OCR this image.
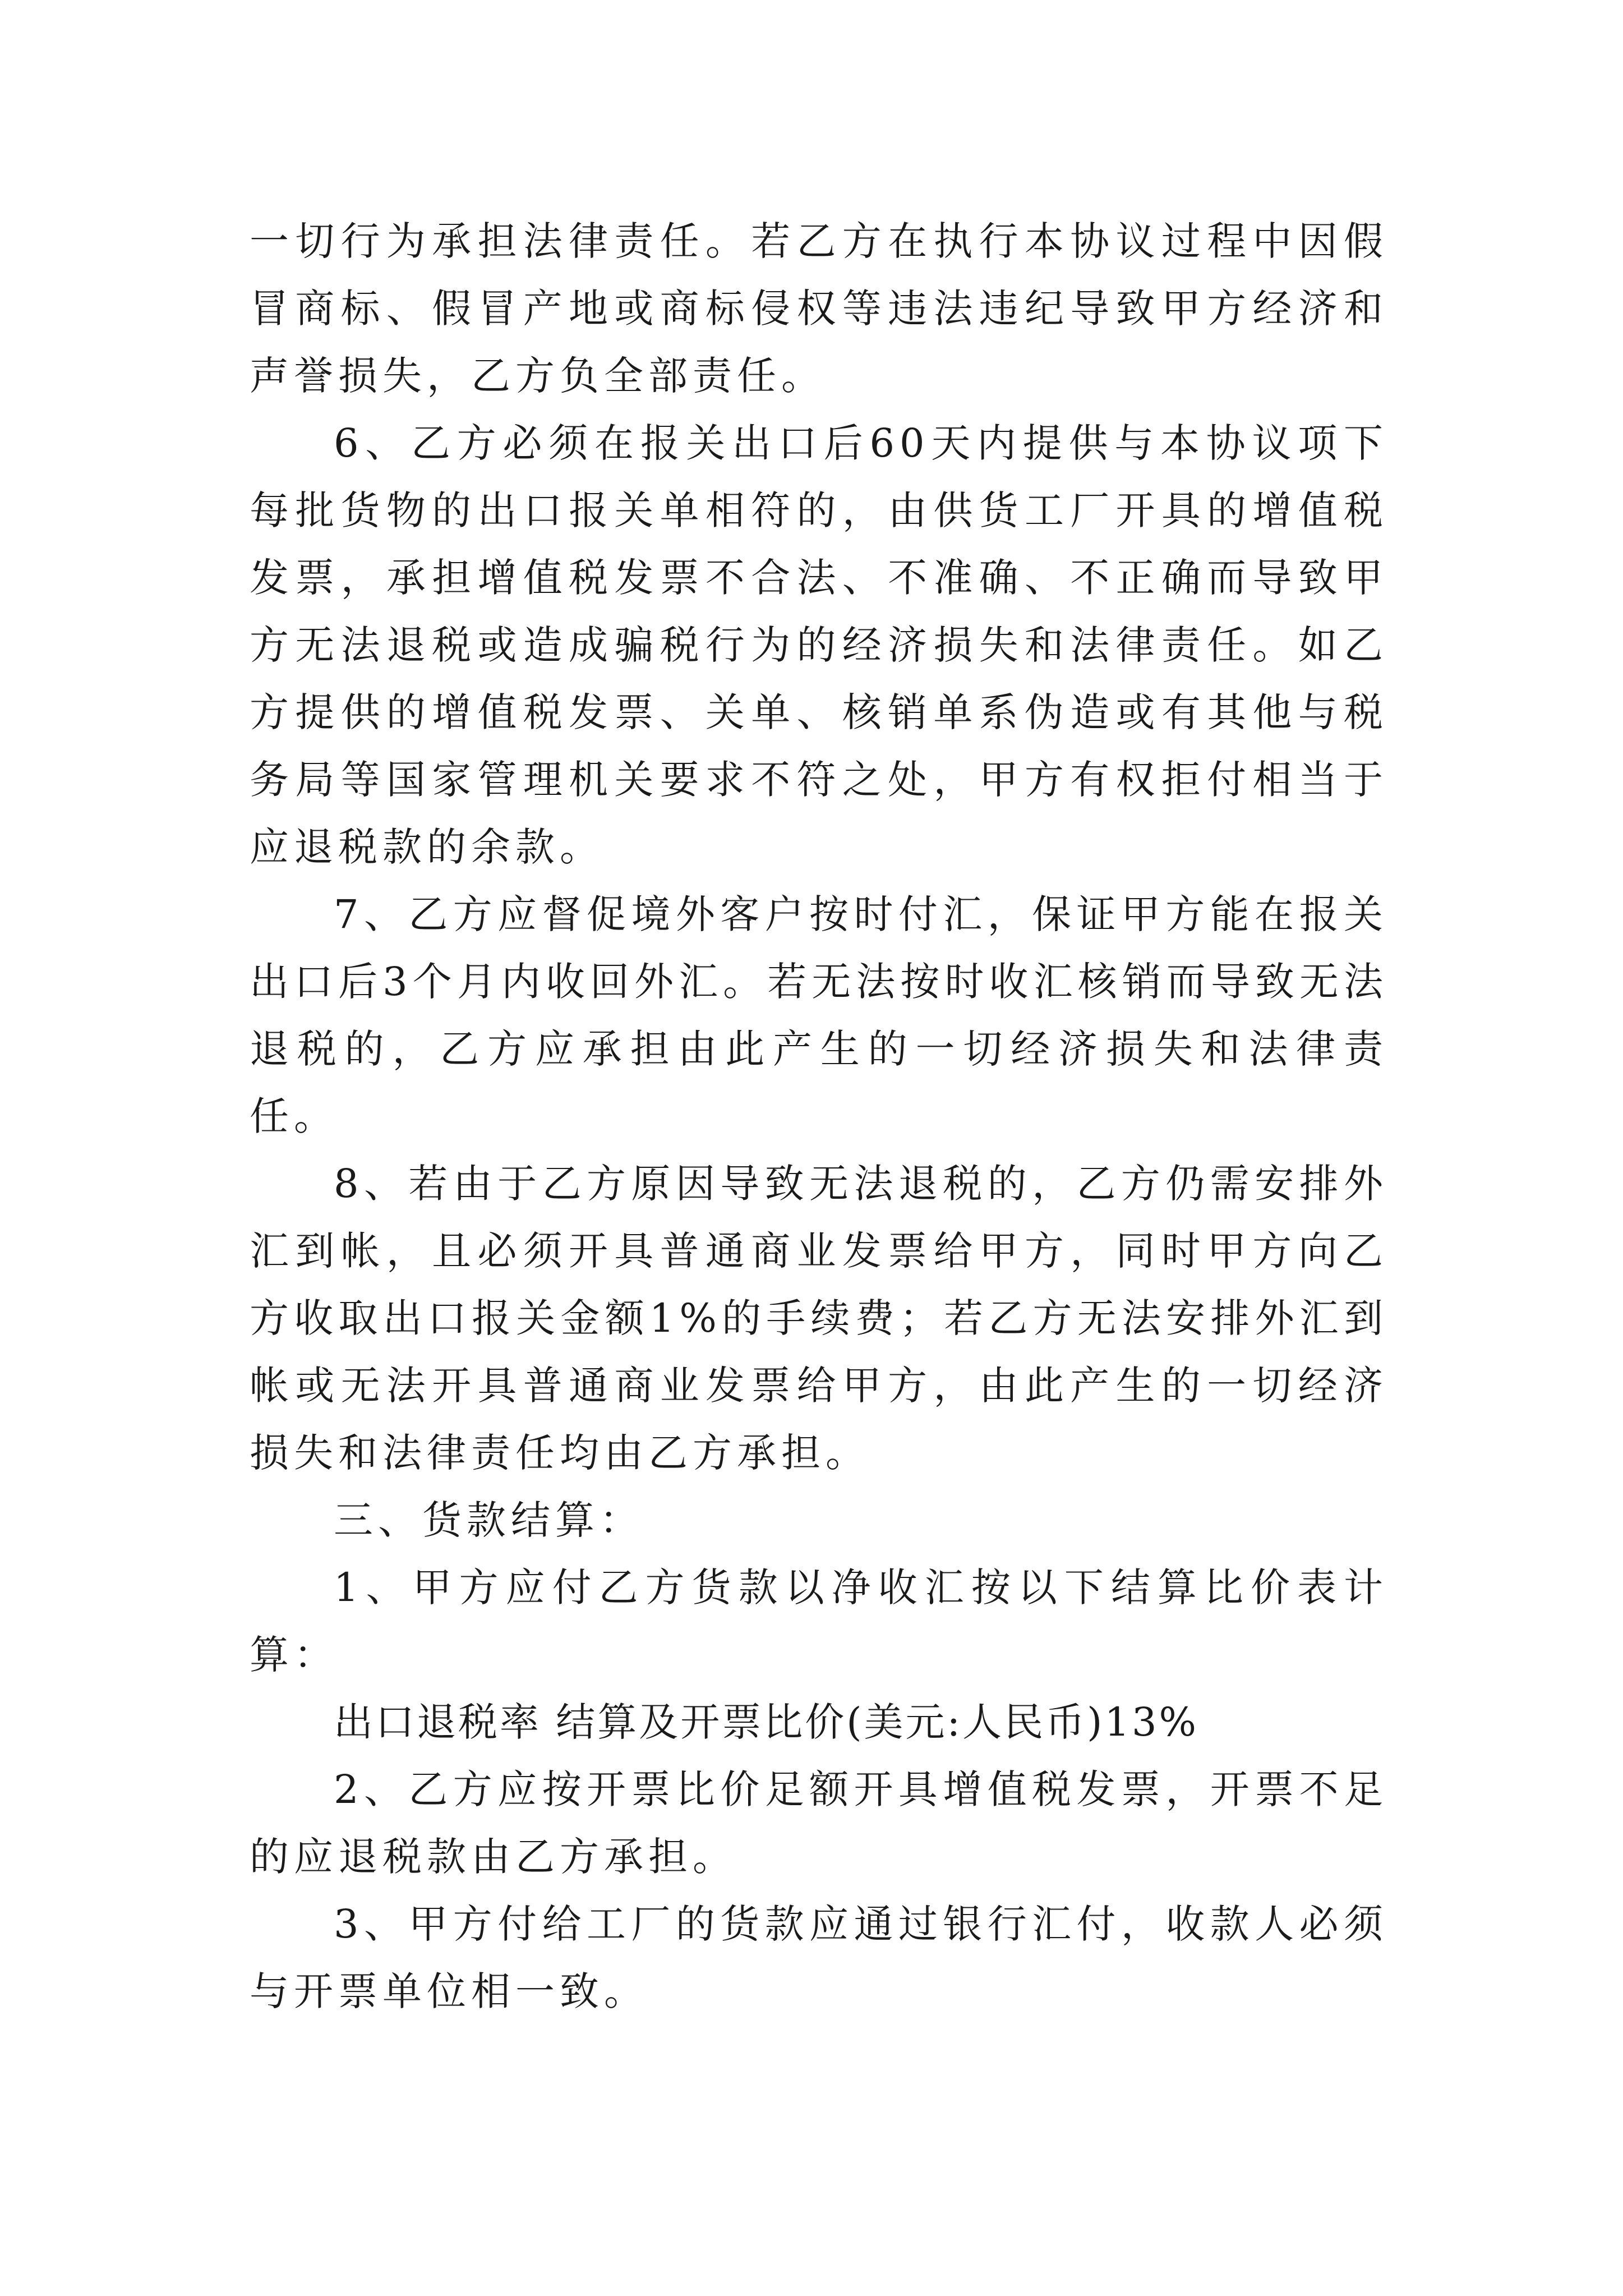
一切行为承担法律责任。若乙方在执行本协议过程中因假冒商标、假冒产地或商标侵权等违法违纪导致甲方经济和声誉损失，乙方负全部责任。

6、乙方必须在报关出口后60天内提供与本协议项下每批货物的出口报关单相符的，由供货工厂开具的增值税发票，承担增值税发票不合法、不准确、不正确而导致甲方无法退税或造成骗税行为的经济损失和法律责任。如乙方提供的增值税发票、关单、核销单系伪造或有其他与税务局等国家管理机关要求不符之处，甲方有权拒付相当于应退税款的余款。

7、乙方应督促境外客户按时付汇，保证甲方能在报关出口后3个月内收回外汇。若无法按时收汇核销而导致无法退税的，乙方应承担由此产生的一切经济损失和法律责任。

8、若由于乙方原因导致无法退税的，乙方仍需安排外汇到帐，且必须开具普通商业发票给甲方，同时甲方向乙方收取出口报关金额1%的手续费；若乙方无法安排外汇到帐或无法开具普通商业发票给甲方，由此产生的一切经济损失和法律责任均由乙方承担。

三、货款结算：

1、甲方应付乙方货款以净收汇按以下结算比价表计算：

出口退税率 结算及开票比价(美元:人民币)13%

2、乙方应按开票比价足额开具增值税发票，开票不足的应退税款由乙方承担。

3、甲方付给工厂的货款应通过银行汇付，收款人必须与开票单位相一致。
